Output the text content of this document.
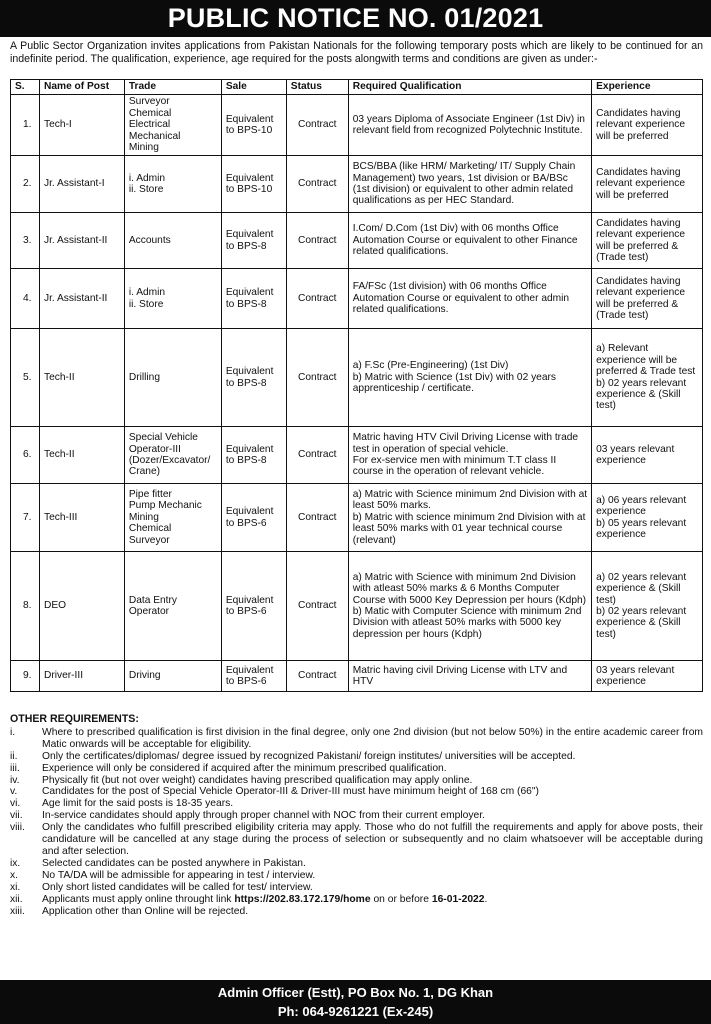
PUBLIC NOTICE NO. 01/2021
A Public Sector Organization invites applications from Pakistan Nationals for the following temporary posts which are likely to be continued for an indefinite period. The qualification, experience, age required for the posts alongwith terms and conditions are given as under:-
S.	Name of Post	Trade	Sale	Status	Required Qualification	Experience
1.	Tech-I	Surveyor
Chemical
Electrical
Mechanical
Mining	Equivalent
to BPS-10	Contract	03 years Diploma of Associate Engineer (1st Div) in relevant field from recognized Polytechnic Institute.	Candidates having relevant experience will be preferred
2.	Jr. Assistant-I	i. Admin
ii. Store	Equivalent
to BPS-10	Contract	BCS/BBA (like HRM/ Marketing/ IT/ Supply Chain Management) two years, 1st division or BA/BSc (1st division) or equivalent to other admin related qualifications as per HEC Standard.	Candidates having relevant experience will be preferred
3.	Jr. Assistant-II	Accounts	Equivalent
to BPS-8	Contract	I.Com/ D.Com (1st Div) with 06 months Office Automation Course or equivalent to other Finance related qualifications.	Candidates having relevant experience will be preferred & (Trade test)
4.	Jr. Assistant-II	i. Admin
ii. Store	Equivalent
to BPS-8	Contract	FA/FSc (1st division) with 06 months Office Automation Course or equivalent to other admin related qualifications.	Candidates having relevant experience will be preferred & (Trade test)
5.	Tech-II	Drilling	Equivalent
to BPS-8	Contract	a) F.Sc (Pre-Engineering) (1st Div)
b) Matric with Science (1st Div) with 02 years apprenticeship / certificate.	a) Relevant experience will be preferred & Trade test
b) 02 years relevant experience & (Skill test)
6.	Tech-II	Special Vehicle Operator-III (Dozer/Excavator/ Crane)	Equivalent
to BPS-8	Contract	Matric having HTV Civil Driving License with trade test in operation of special vehicle.
For ex-service men with minimum T.T class II course in the operation of relevant vehicle.	03 years relevant experience
7.	Tech-III	Pipe fitter
Pump Mechanic
Mining
Chemical
Surveyor	Equivalent
to BPS-6	Contract	a) Matric with Science minimum 2nd Division with at least 50% marks.
b) Matric with science minimum 2nd Division with at least 50% marks with 01 year technical course (relevant)	a) 06 years relevant experience
b) 05 years relevant experience
8.	DEO	Data Entry Operator	Equivalent
to BPS-6	Contract	a) Matric with Science with minimum 2nd Division with atleast 50% marks & 6 Months Computer Course with 5000 Key Depression per hours (Kdph)
b) Matic with Computer Science with minimum 2nd Division with atleast 50% marks with 5000 key depression per hours (Kdph)	a) 02 years relevant experience & (Skill test)
b) 02 years relevant experience & (Skill test)
9.	Driver-III	Driving	Equivalent
to BPS-6	Contract	Matric having civil Driving License with LTV and HTV	03 years relevant experience
OTHER REQUIREMENTS:
i.	Where to prescribed qualification is first division in the final degree, only one 2nd division (but not below 50%) in the entire academic career from Matic onwards will be acceptable for eligibility.
ii.	Only the certificates/diplomas/ degree issued by recognized Pakistani/ foreign institutes/ universities will be accepted.
iii.	Experience will only be considered if acquired after the minimum prescribed qualification.
iv.	Physically fit (but not over weight) candidates having prescribed qualification may apply online.
v.	Candidates for the post of Special Vehicle Operator-III & Driver-III must have minimum height of 168 cm (66")
vi.	Age limit for the said posts is 18-35 years.
vii.	In-service candidates should apply through proper channel with NOC from their current employer.
viii.	Only the candidates who fulfill prescribed eligibility criteria may apply. Those who do not fulfill the requirements and apply for above posts, their candidature will be cancelled at any stage during the process of selection or subsequently and no claim whatsoever will be acceptable during and after selection.
ix.	Selected candidates can be posted anywhere in Pakistan.
x.	No TA/DA will be admissible for appearing in test / interview.
xi.	Only short listed candidates will be called for test/ interview.
xii.	Applicants must apply online throught link https://202.83.172.179/home on or before 16-01-2022.
xiii.	Application other than Online will be rejected.
Admin Officer (Estt), PO Box No. 1, DG Khan
Ph: 064-9261221 (Ex-245)
